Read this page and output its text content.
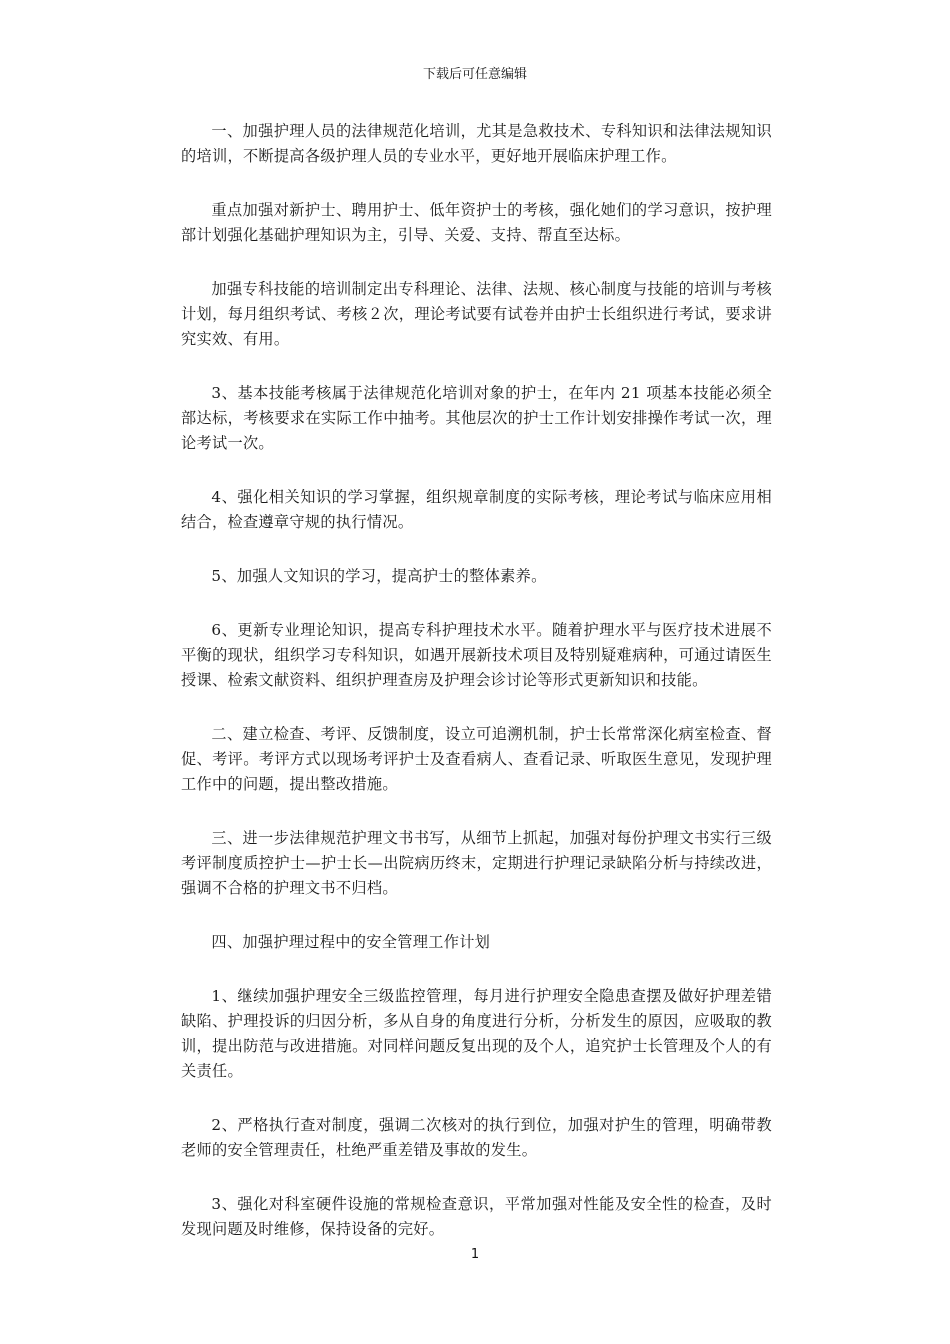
下载后可任意编辑

一、加强护理人员的法律规范化培训，尤其是急救技术、专科知识和法律法规知识的培训，不断提高各级护理人员的专业水平，更好地开展临床护理工作。

重点加强对新护士、聘用护士、低年资护士的考核，强化她们的学习意识，按护理部计划强化基础护理知识为主，引导、关爱、支持、帮直至达标。

加强专科技能的培训制定出专科理论、法律、法规、核心制度与技能的培训与考核计划，每月组织考试、考核２次，理论考试要有试卷并由护士长组织进行考试，要求讲究实效、有用。

3、基本技能考核属于法律规范化培训对象的护士，在年内 21 项基本技能必须全部达标，考核要求在实际工作中抽考。其他层次的护士工作计划安排操作考试一次，理论考试一次。

4、强化相关知识的学习掌握，组织规章制度的实际考核，理论考试与临床应用相结合，检查遵章守规的执行情况。

5、加强人文知识的学习，提高护士的整体素养。

6、更新专业理论知识，提高专科护理技术水平。随着护理水平与医疗技术进展不平衡的现状，组织学习专科知识，如遇开展新技术项目及特别疑难病种，可通过请医生授课、检索文献资料、组织护理查房及护理会诊讨论等形式更新知识和技能。

二、建立检查、考评、反馈制度，设立可追溯机制，护士长常常深化病室检查、督促、考评。考评方式以现场考评护士及查看病人、查看记录、听取医生意见，发现护理工作中的问题，提出整改措施。

三、进一步法律规范护理文书书写，从细节上抓起，加强对每份护理文书实行三级考评制度质控护士—护士长—出院病历终末，定期进行护理记录缺陷分析与持续改进，强调不合格的护理文书不归档。

四、加强护理过程中的安全管理工作计划

1、继续加强护理安全三级监控管理，每月进行护理安全隐患查摆及做好护理差错缺陷、护理投诉的归因分析，多从自身的角度进行分析，分析发生的原因，应吸取的教训，提出防范与改进措施。对同样问题反复出现的及个人，追究护士长管理及个人的有关责任。

2、严格执行查对制度，强调二次核对的执行到位，加强对护生的管理，明确带教老师的安全管理责任，杜绝严重差错及事故的发生。

3、强化对科室硬件设施的常规检查意识，平常加强对性能及安全性的检查，及时发现问题及时维修，保持设备的完好。

1
